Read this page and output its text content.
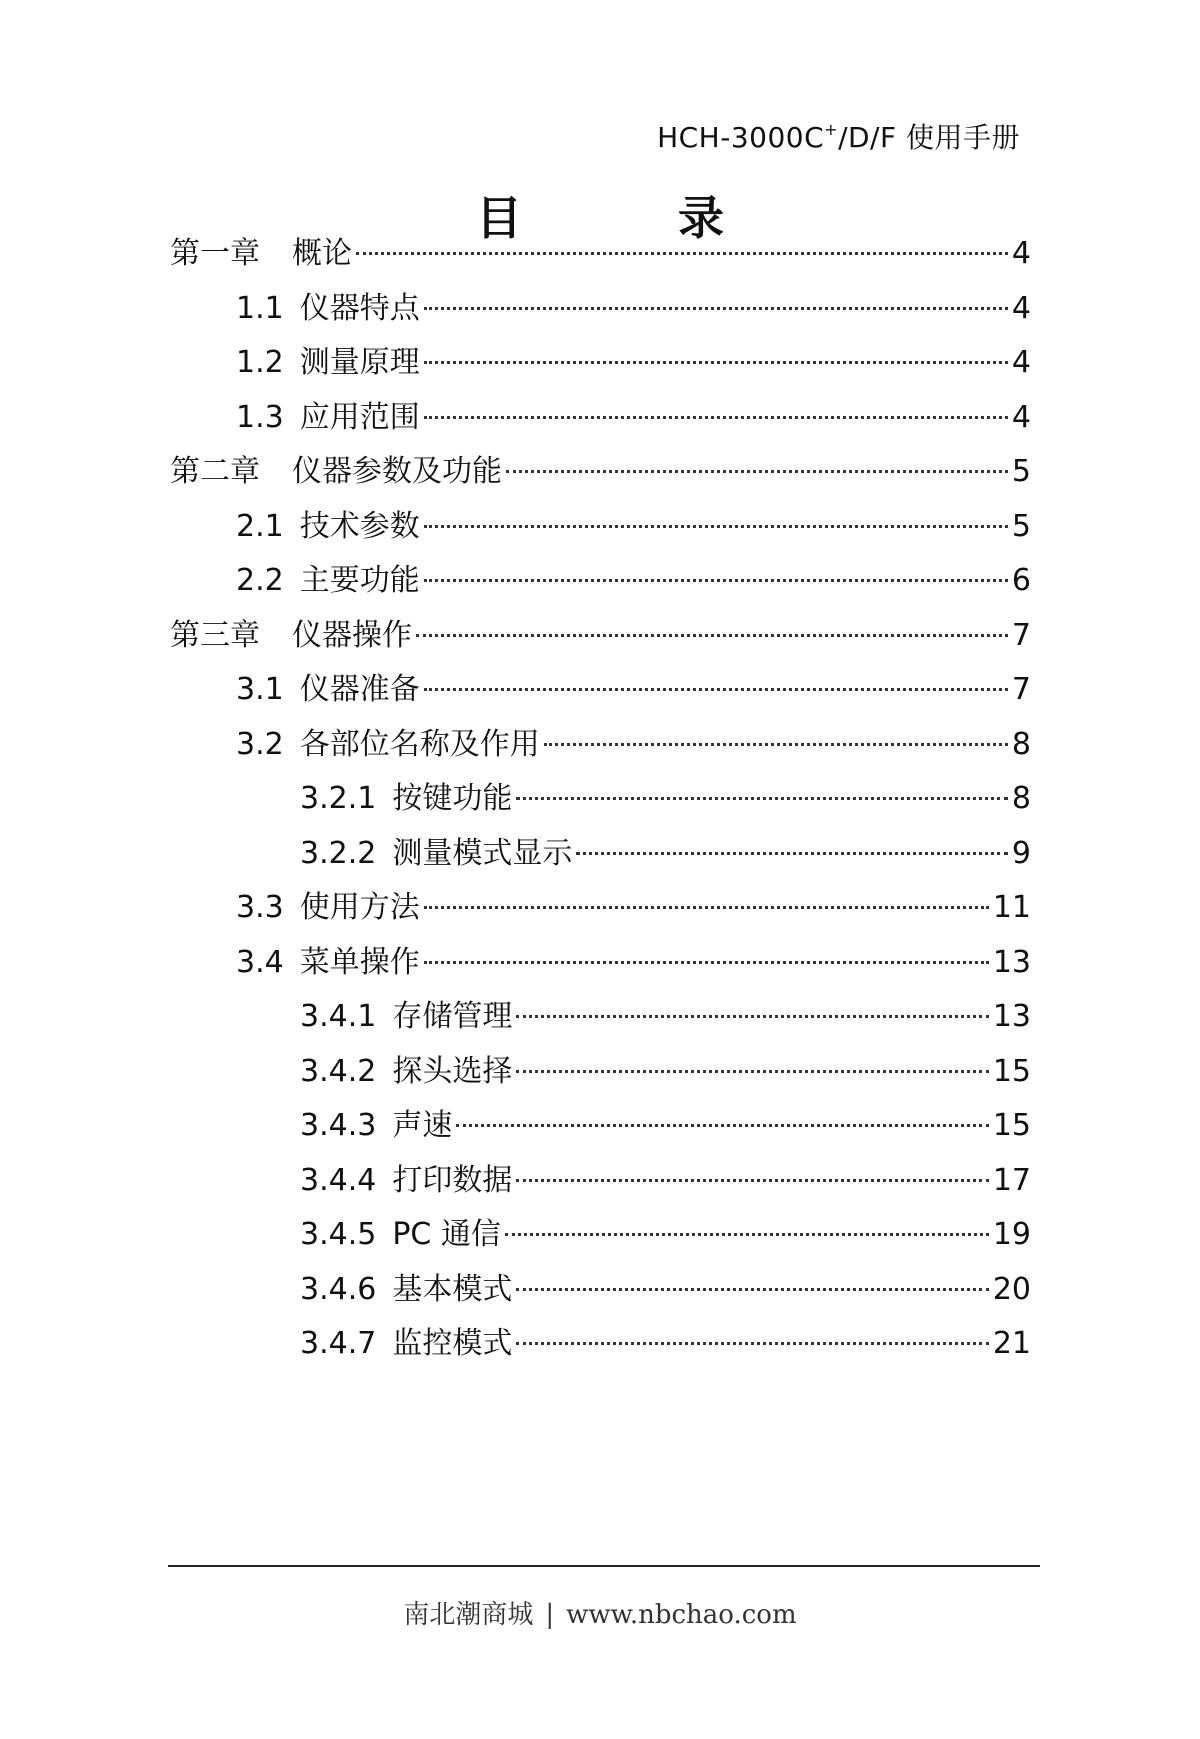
HCH-3000C+/D/F 使用手册
目 录
第一章 概论	4
1.1 仪器特点	4
1.2 测量原理	4
1.3 应用范围	4
第二章 仪器参数及功能	5
2.1 技术参数	5
2.2 主要功能	6
第三章 仪器操作	7
3.1 仪器准备	7
3.2 各部位名称及作用	8
3.2.1 按键功能	8
3.2.2 测量模式显示	9
3.3 使用方法	11
3.4 菜单操作	13
3.4.1 存储管理	13
3.4.2 探头选择	15
3.4.3 声速	15
3.4.4 打印数据	17
3.4.5 PC 通信	19
3.4.6 基本模式	20
3.4.7 监控模式	21
南北潮商城 | www.nbchao.com
